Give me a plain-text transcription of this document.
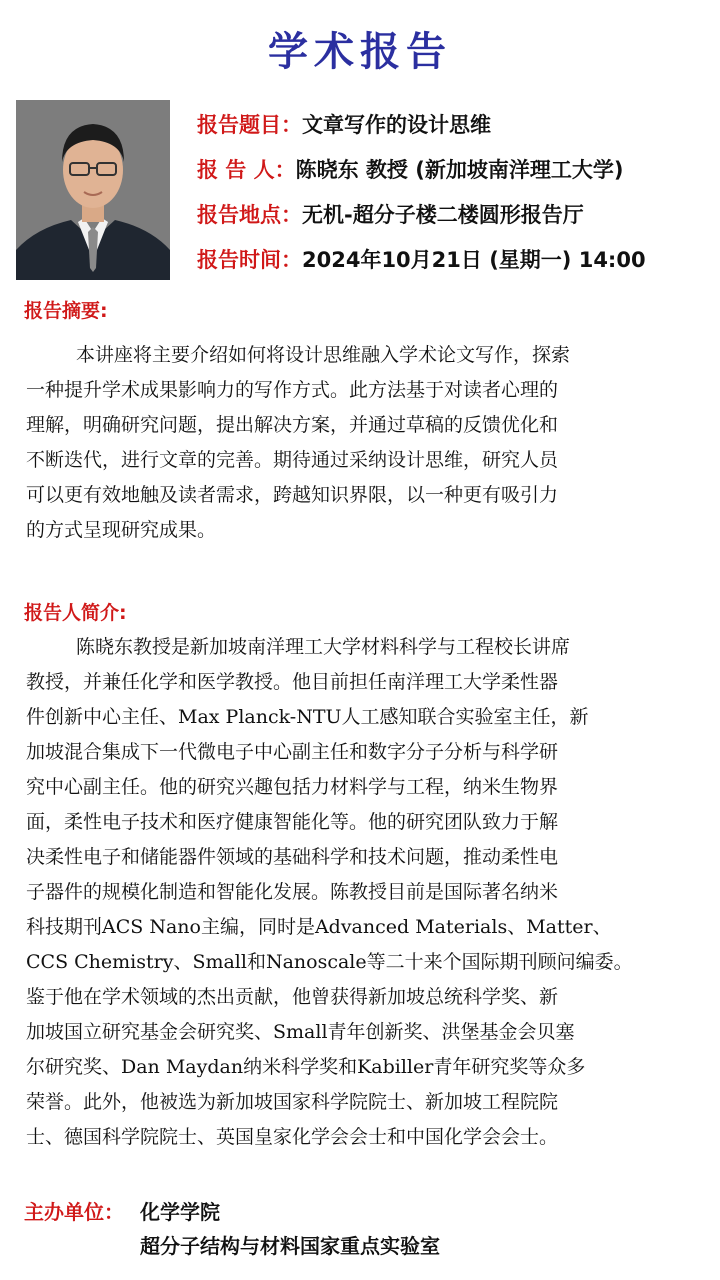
学术报告
报告题目：文章写作的设计思维
报 告 人：陈晓东 教授 (新加坡南洋理工大学)
报告地点：无机-超分子楼二楼圆形报告厅
报告时间：2024年10月21日 (星期一) 14:00
报告摘要:
本讲座将主要介绍如何将设计思维融入学术论文写作，探索
一种提升学术成果影响力的写作方式。此方法基于对读者心理的
理解，明确研究问题，提出解决方案，并通过草稿的反馈优化和
不断迭代，进行文章的完善。期待通过采纳设计思维，研究人员
可以更有效地触及读者需求，跨越知识界限，以一种更有吸引力
的方式呈现研究成果。
报告人简介:
陈晓东教授是新加坡南洋理工大学材料科学与工程校长讲席
教授，并兼任化学和医学教授。他目前担任南洋理工大学柔性器
件创新中心主任、Max Planck-NTU人工感知联合实验室主任，新
加坡混合集成下一代微电子中心副主任和数字分子分析与科学研
究中心副主任。他的研究兴趣包括力材料学与工程，纳米生物界
面，柔性电子技术和医疗健康智能化等。他的研究团队致力于解
决柔性电子和储能器件领域的基础科学和技术问题，推动柔性电
子器件的规模化制造和智能化发展。陈教授目前是国际著名纳米
科技期刊ACS Nano主编，同时是Advanced Materials、Matter、
CCS Chemistry、Small和Nanoscale等二十来个国际期刊顾问编委。
鉴于他在学术领域的杰出贡献，他曾获得新加坡总统科学奖、新
加坡国立研究基金会研究奖、Small青年创新奖、洪堡基金会贝塞
尔研究奖、Dan Maydan纳米科学奖和Kabiller青年研究奖等众多
荣誉。此外，他被选为新加坡国家科学院院士、新加坡工程院院
士、德国科学院院士、英国皇家化学会会士和中国化学会会士。
主办单位： 化学学院
超分子结构与材料国家重点实验室
